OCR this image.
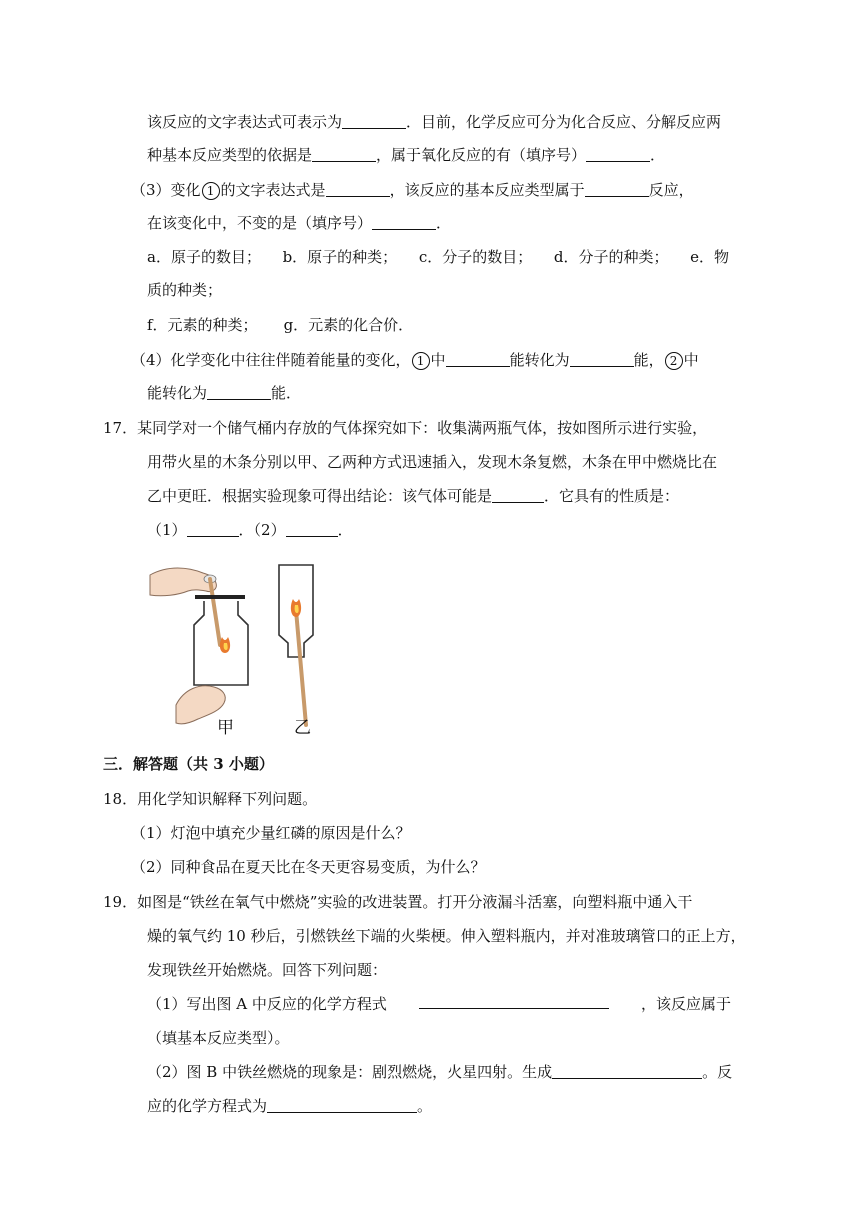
该反应的文字表达式可表示为	．目前，化学反应可分为化合反应、分解反应两
种基本反应类型的依据是	，属于氧化反应的有（填序号）	．
（3）变化 1 的文字表达式是	，该反应的基本反应类型属于	反应，
在该变化中，不变的是（填序号）	．
a．原子的数目； b．原子的种类； c．分子的数目； d．分子的种类； e．物
质的种类；
f．元素的种类； g．元素的化合价．
（4）化学变化中往往伴随着能量的变化， 1 中	能转化为	能， 2 中
能转化为	能．
17．某同学对一个储气桶内存放的气体探究如下：收集满两瓶气体，按如图所示进行实验，
用带火星的木条分别以甲、乙两种方式迅速插入，发现木条复燃，木条在甲中燃烧比在
乙中更旺．根据实验现象可得出结论：该气体可能是	．它具有的性质是：
（1）	．（2）	．
甲	乙
三．解答题（共 3 小题）
18．用化学知识解释下列问题。
（1）灯泡中填充少量红磷的原因是什么？
（2）同种食品在夏天比在冬天更容易变质，为什么？
19．如图是“铁丝在氧气中燃烧”实验的改进装置。打开分液漏斗活塞，向塑料瓶中通入干
燥的氧气约 10 秒后，引燃铁丝下端的火柴梗。伸入塑料瓶内，并对准玻璃管口的正上方，
发现铁丝开始燃烧。回答下列问题：
（1）写出图 A 中反应的化学方程式	，该反应属于
（填基本反应类型）。
（2）图 B 中铁丝燃烧的现象是：剧烈燃烧，火星四射。生成	。反
应的化学方程式为	。
